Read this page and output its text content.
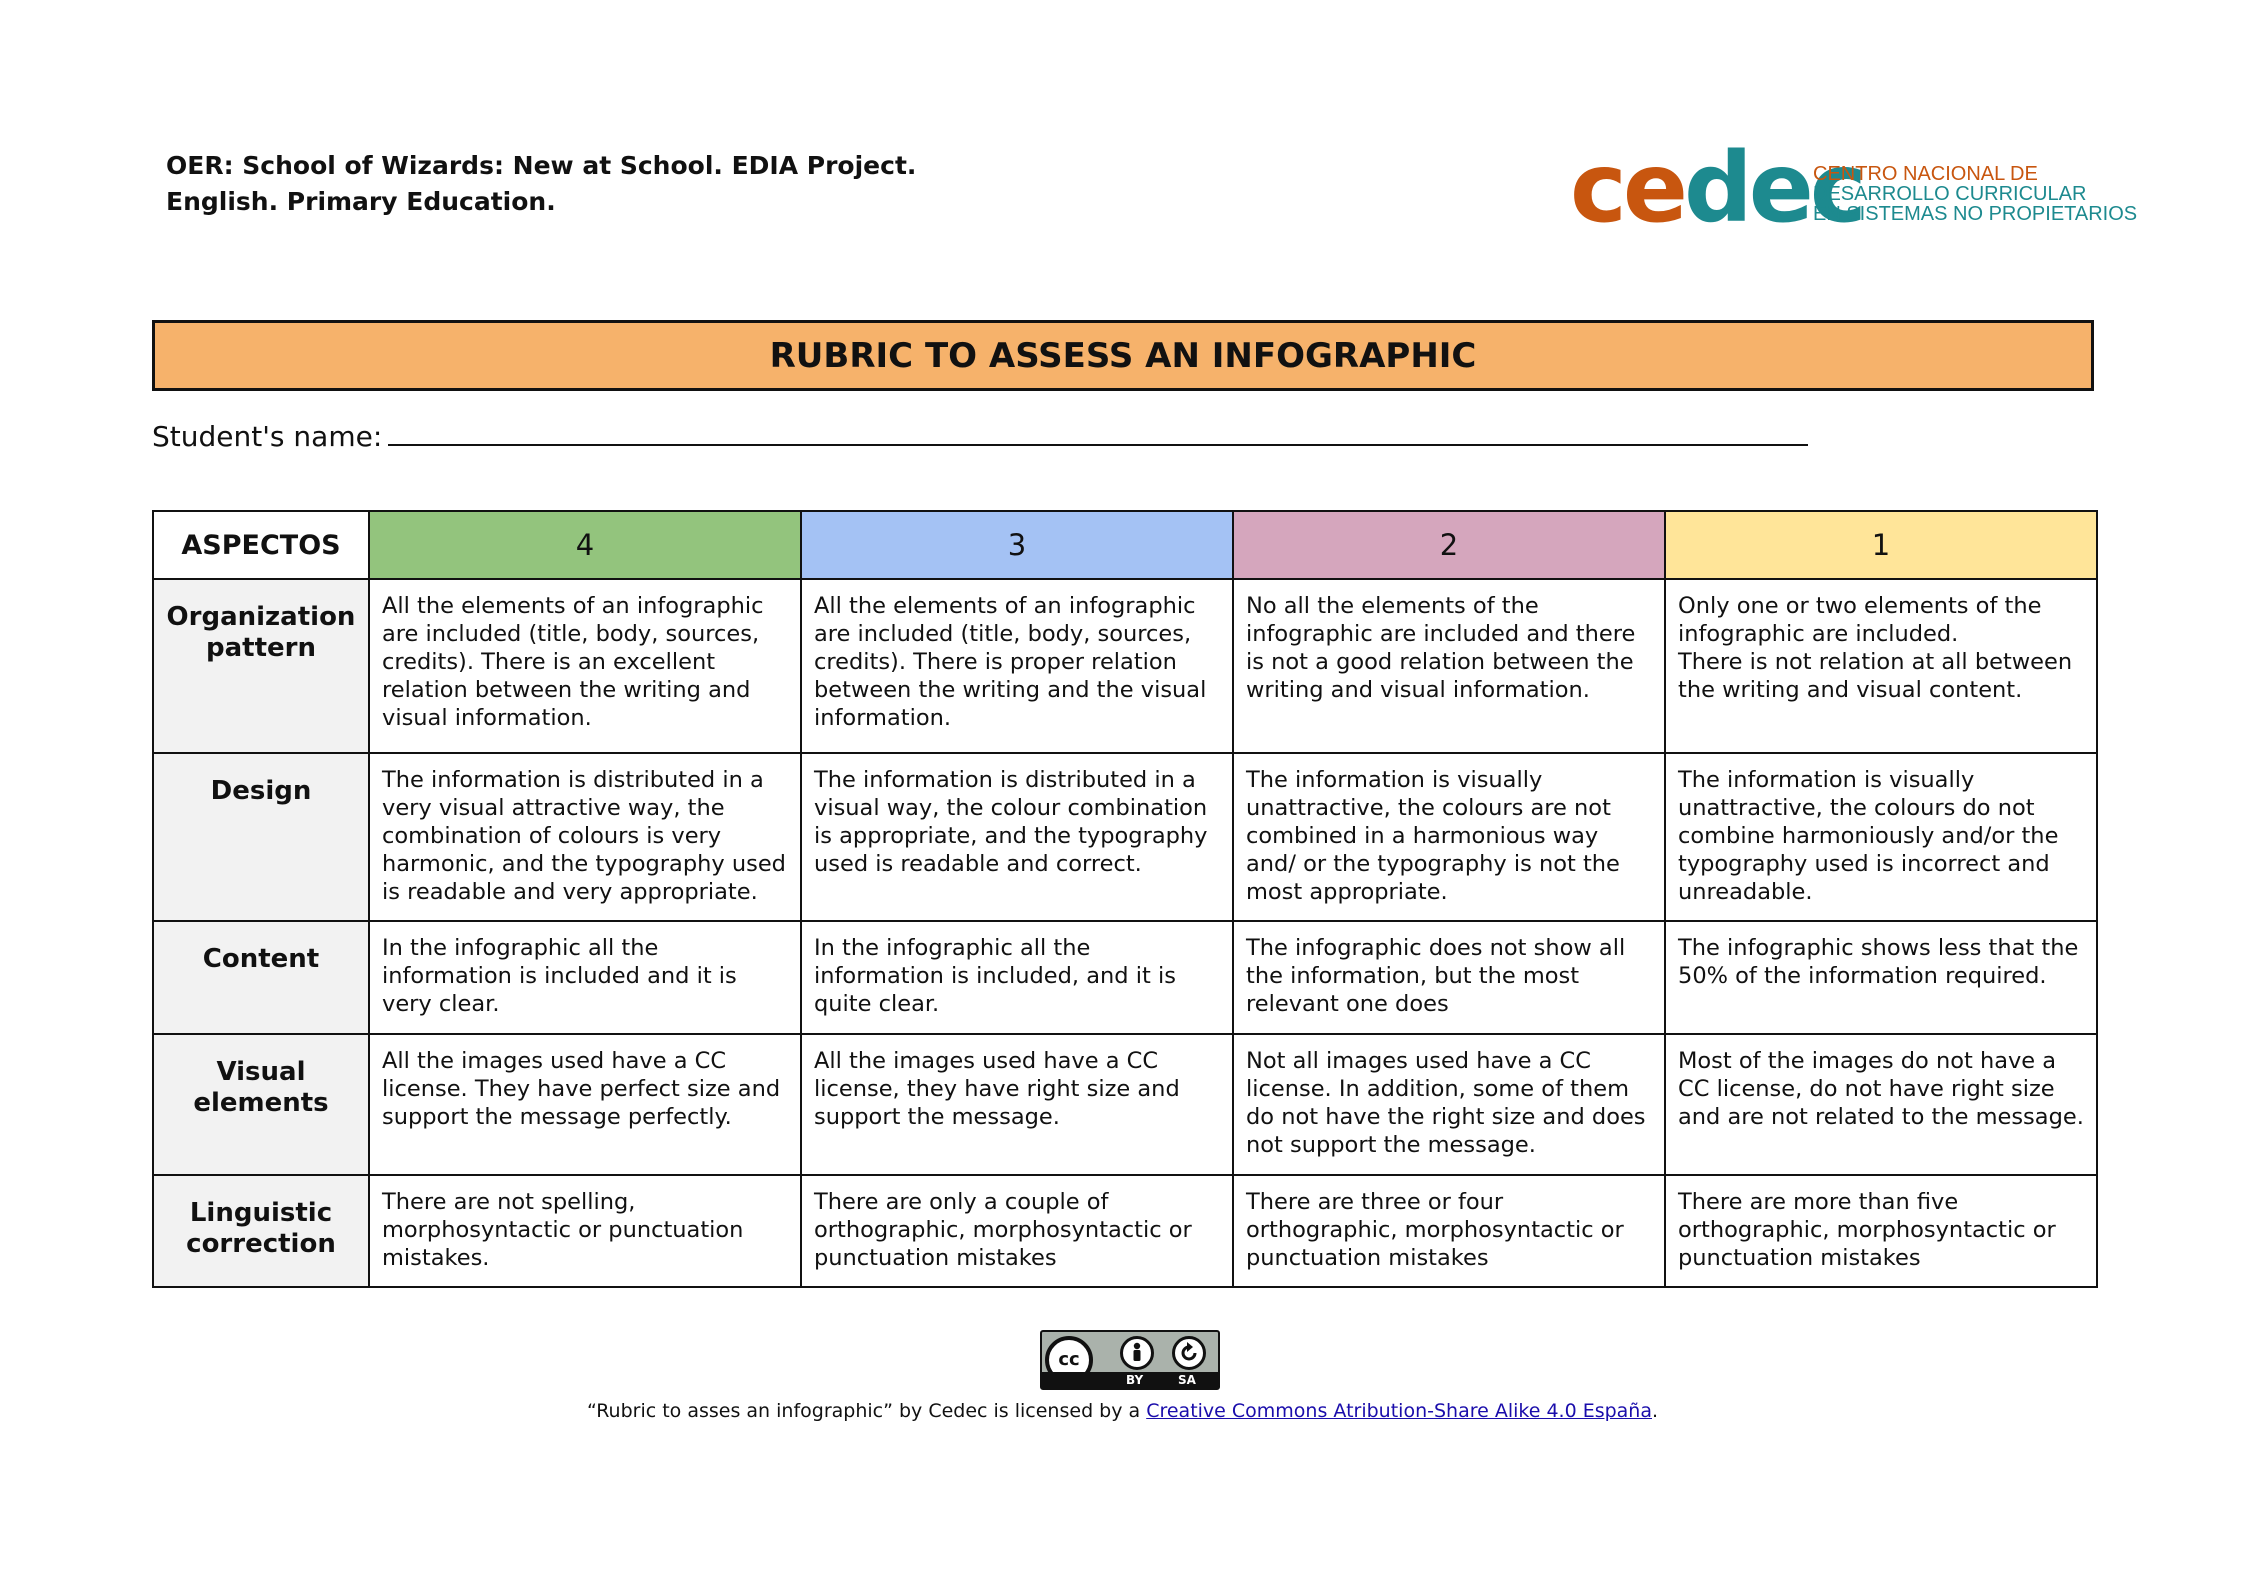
OER: School of Wizards: New at School. EDIA Project.
English. Primary Education.	cedec
CENTRO NACIONAL DE
DESARROLLO CURRICULAR
EN SISTEMAS NO PROPIETARIOS
RUBRIC TO ASSESS AN INFOGRAPHIC
Student's name:
ASPECTOS	4	3	2	1
Organization pattern	All the elements of an infographic are included (title, body, sources, credits). There is an excellent relation between the writing and visual information.	All the elements of an infographic are included (title, body, sources, credits). There is proper relation between the writing and the visual information.	No all the elements of the infographic are included and there is not a good relation between the writing and visual information.	Only one or two elements of the infographic are included.
There is not relation at all between the writing and visual content.
Design	The information is distributed in a very visual attractive way, the combination of colours is very harmonic, and the typography used is readable and very appropriate.	The information is distributed in a visual way, the colour combination is appropriate, and the typography used is readable and correct.	The information is visually unattractive, the colours are not combined in a harmonious way and/ or the typography is not the most appropriate.	The information is visually unattractive, the colours do not combine harmoniously and/or the typography used is incorrect and unreadable.
Content	In the infographic all the information is included and it is very clear.	In the infographic all the information is included, and it is quite clear.	The infographic does not show all the information, but the most relevant one does	The infographic shows less that the 50% of the information required.
Visual elements	All the images used have a CC license. They have perfect size and support the message perfectly.	All the images used have a CC license, they have right size and support the message.	Not all images used have a CC license. In addition, some of them do not have the right size and does not support the message.	Most of the images do not have a CC license, do not have right size and are not related to the message.
Linguistic correction	There are not spelling, morphosyntactic or punctuation mistakes.	There are only a couple of orthographic, morphosyntactic or punctuation mistakes	There are three or four orthographic, morphosyntactic or punctuation mistakes	There are more than five orthographic, morphosyntactic or punctuation mistakes
cc
BY	SA
“Rubric to asses an infographic” by Cedec is licensed by a Creative Commons Atribution-Share Alike 4.0 España.
